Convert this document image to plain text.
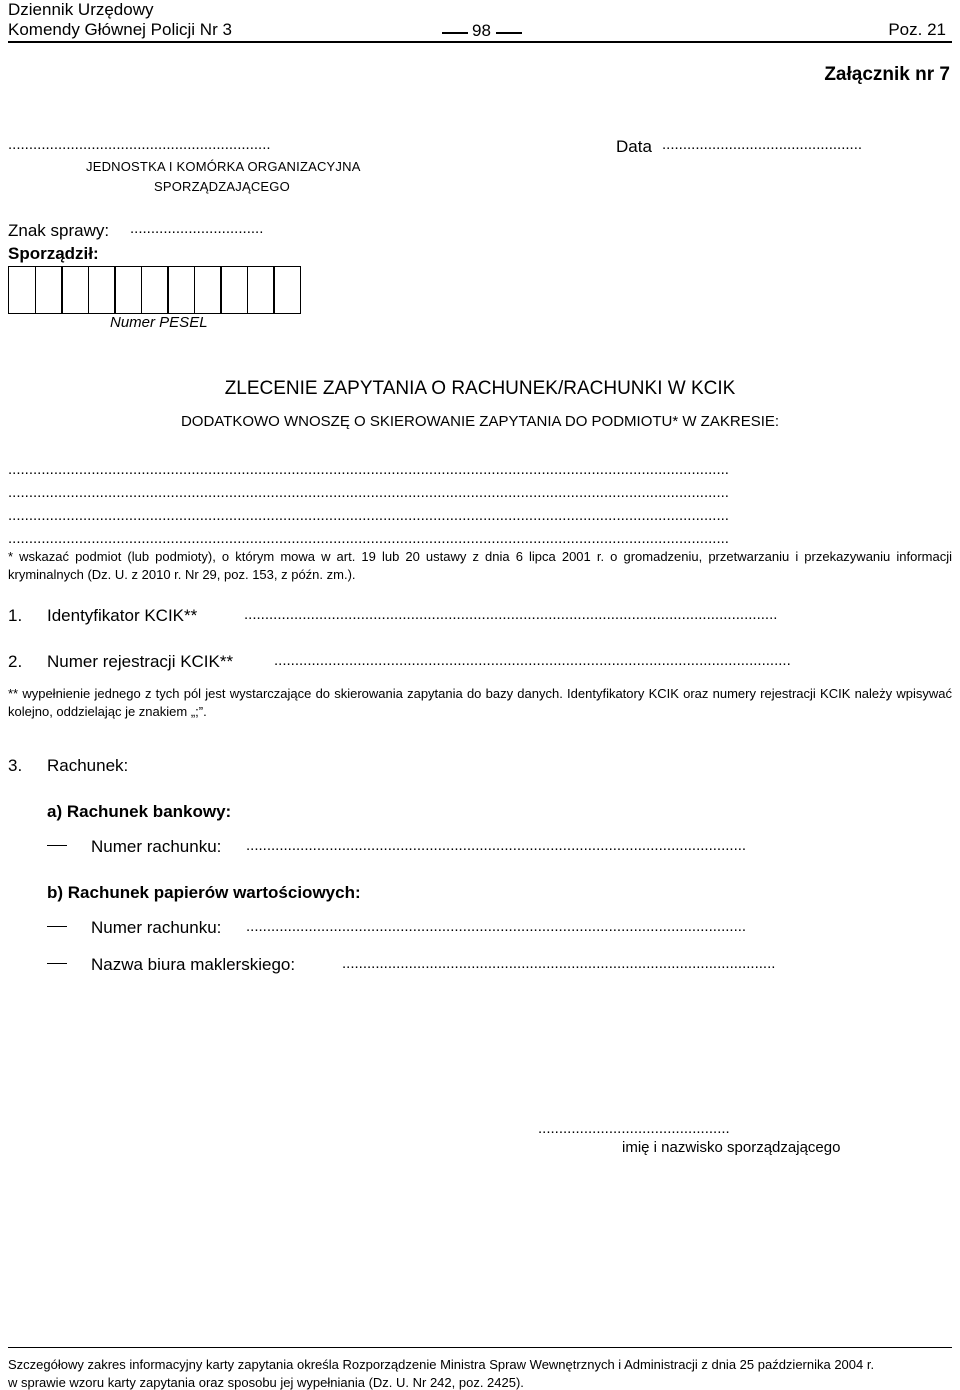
Dziennik Urzędowy
Komendy Głównej Policji Nr 3	98	Poz. 21
Załącznik nr 7
...............................................................
JEDNOSTKA I KOMÓRKA ORGANIZACYJNA
SPORZĄDZAJĄCEGO
Data ................................................
Znak sprawy: ................................
Sporządził:
Numer PESEL
ZLECENIE ZAPYTANIA O RACHUNEK/RACHUNKI W KCIK
DODATKOWO WNOSZĘ O SKIEROWANIE ZAPYTANIA DO PODMIOTU* W ZAKRESIE:
.............................................................................................................................................................................
.............................................................................................................................................................................
.............................................................................................................................................................................
.............................................................................................................................................................................
* wskazać podmiot (lub podmioty), o którym mowa w art. 19 lub 20 ustawy z dnia 6 lipca 2001 r. o gromadzeniu, przetwarzaniu i przekazywaniu informacji kryminalnych (Dz. U. z 2010 r. Nr 29, poz. 153, z późn. zm.).
1. Identyfikator KCIK**	................................................................................................................................
2. Numer rejestracji KCIK**	............................................................................................................................
** wypełnienie jednego z tych pól jest wystarczające do skierowania zapytania do bazy danych. Identyfikatory KCIK oraz numery rejestracji KCIK należy wpisywać kolejno, oddzielając je znakiem „;”.
3. Rachunek:
a) Rachunek bankowy:
Numer rachunku: ........................................................................................................................
b) Rachunek papierów wartościowych:
Numer rachunku: ........................................................................................................................
Nazwa biura maklerskiego:	........................................................................................................
..............................................
imię i nazwisko sporządzającego
Szczegółowy zakres informacyjny karty zapytania określa Rozporządzenie Ministra Spraw Wewnętrznych i Administracji z dnia 25 października 2004 r.
w sprawie wzoru karty zapytania oraz sposobu jej wypełniania (Dz. U. Nr 242, poz. 2425).
